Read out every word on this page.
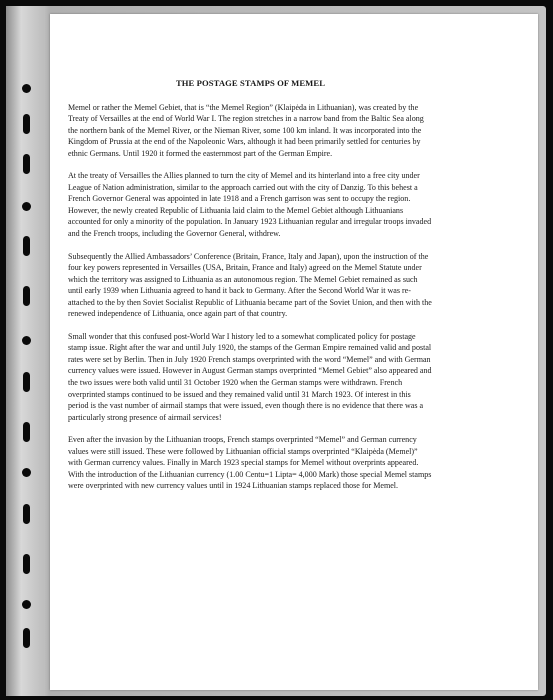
THE POSTAGE STAMPS OF MEMEL

Memel or rather the Memel Gebiet, that is “the Memel Region” (Klaipėda in Lithuanian), was created by the Treaty of Versailles at the end of World War I. The region stretches in a narrow band from the Baltic Sea along the northern bank of the Memel River, or the Nieman River, some 100 km inland. It was incorporated into the Kingdom of Prussia at the end of the Napoleonic Wars, although it had been primarily settled for centuries by ethnic Germans. Until 1920 it formed the easternmost part of the German Empire.

At the treaty of Versailles the Allies planned to turn the city of Memel and its hinterland into a free city under League of Nation administration, similar to the approach carried out with the city of Danzig. To this behest a French Governor General was appointed in late 1918 and a French garrison was sent to occupy the region. However, the newly created Republic of Lithuania laid claim to the Memel Gebiet although Lithuanians accounted for only a minority of the population. In January 1923 Lithuanian regular and irregular troops invaded and the French troops, including the Governor General, withdrew.

Subsequently the Allied Ambassadors’ Conference (Britain, France, Italy and Japan), upon the instruction of the four key powers represented in Versailles (USA, Britain, France and Italy) agreed on the Memel Statute under which the territory was assigned to Lithuania as an autonomous region. The Memel Gebiet remained as such until early 1939 when Lithuania agreed to hand it back to Germany. After the Second World War it was re-attached to the by then Soviet Socialist Republic of Lithuania became part of the Soviet Union, and then with the renewed independence of Lithuania, once again part of that country.

Small wonder that this confused post-World War I history led to a somewhat complicated policy for postage stamp issue. Right after the war and until July 1920, the stamps of the German Empire remained valid and postal rates were set by Berlin. Then in July 1920 French stamps overprinted with the word “Memel” and with German currency values were issued. However in August German stamps overprinted “Memel Gebiet” also appeared and the two issues were both valid until 31 October 1920 when the German stamps were withdrawn. French overprinted stamps continued to be issued and they remained valid until 31 March 1923. Of interest in this period is the vast number of airmail stamps that were issued, even though there is no evidence that there was a particularly strong presence of airmail services!

Even after the invasion by the Lithuanian troops, French stamps overprinted “Memel” and German currency values were still issued. These were followed by Lithuanian official stamps overprinted “Klaipėda (Memel)” with German currency values. Finally in March 1923 special stamps for Memel without overprints appeared. With the introduction of the Lithuanian currency (1.00 Centu=1 Lipta= 4,000 Mark) those special Memel stamps were overprinted with new currency values until in 1924 Lithuanian stamps replaced those for Memel.
